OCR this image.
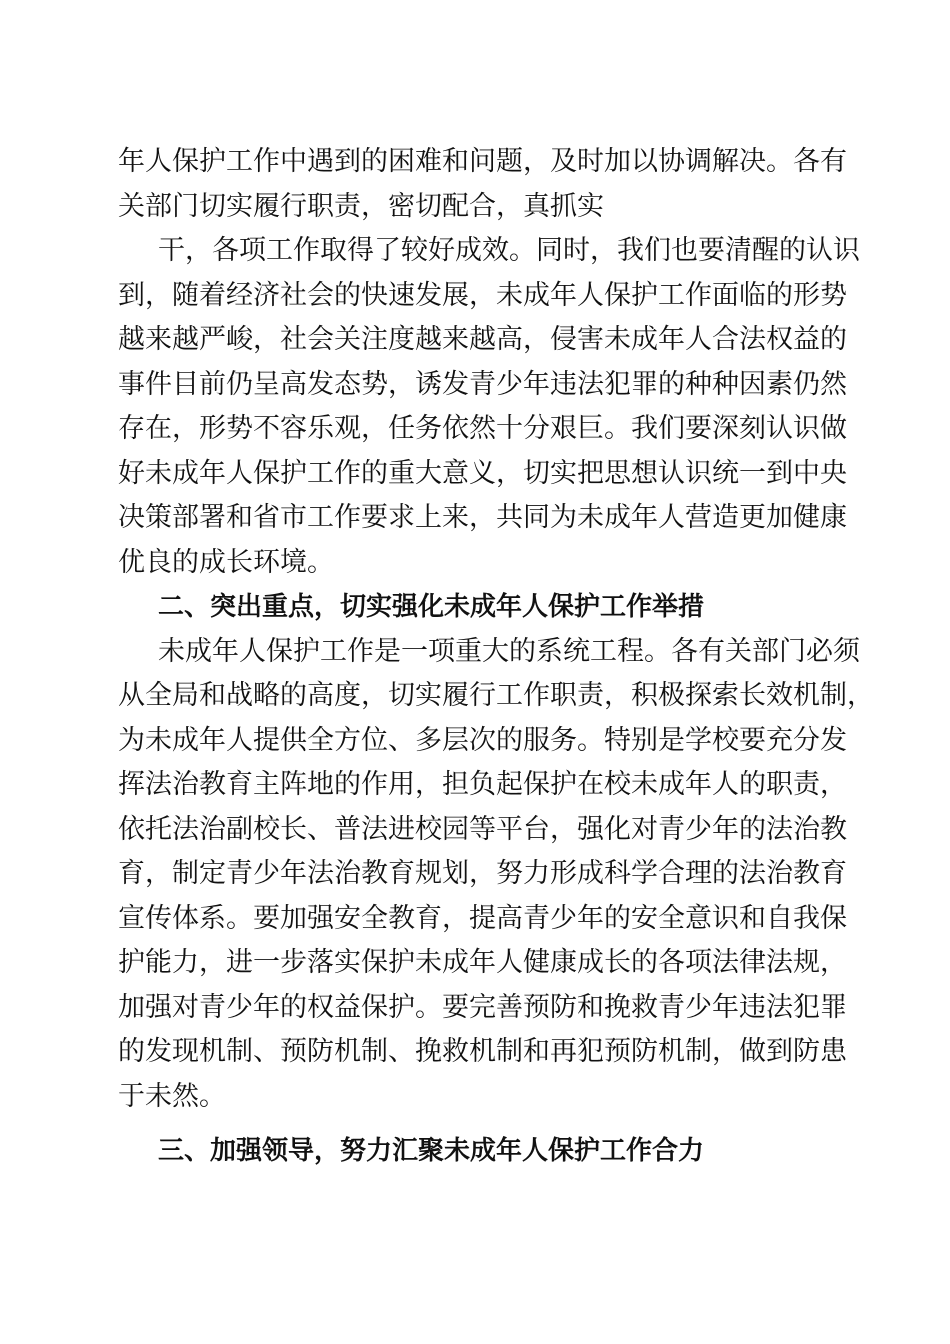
年人保护工作中遇到的困难和问题，及时加以协调解决。各有
关部门切实履行职责，密切配合，真抓实
干，各项工作取得了较好成效。同时，我们也要清醒的认识
到，随着经济社会的快速发展，未成年人保护工作面临的形势
越来越严峻，社会关注度越来越高，侵害未成年人合法权益的
事件目前仍呈高发态势，诱发青少年违法犯罪的种种因素仍然
存在，形势不容乐观，任务依然十分艰巨。我们要深刻认识做
好未成年人保护工作的重大意义，切实把思想认识统一到中央
决策部署和省市工作要求上来，共同为未成年人营造更加健康
优良的成长环境。
二、突出重点，切实强化未成年人保护工作举措
未成年人保护工作是一项重大的系统工程。各有关部门必须
从全局和战略的高度，切实履行工作职责，积极探索长效机制，
为未成年人提供全方位、多层次的服务。特别是学校要充分发
挥法治教育主阵地的作用，担负起保护在校未成年人的职责，
依托法治副校长、普法进校园等平台，强化对青少年的法治教
育，制定青少年法治教育规划，努力形成科学合理的法治教育
宣传体系。要加强安全教育，提高青少年的安全意识和自我保
护能力，进一步落实保护未成年人健康成长的各项法律法规，
加强对青少年的权益保护。要完善预防和挽救青少年违法犯罪
的发现机制、预防机制、挽救机制和再犯预防机制，做到防患
于未然。
三、加强领导，努力汇聚未成年人保护工作合力
